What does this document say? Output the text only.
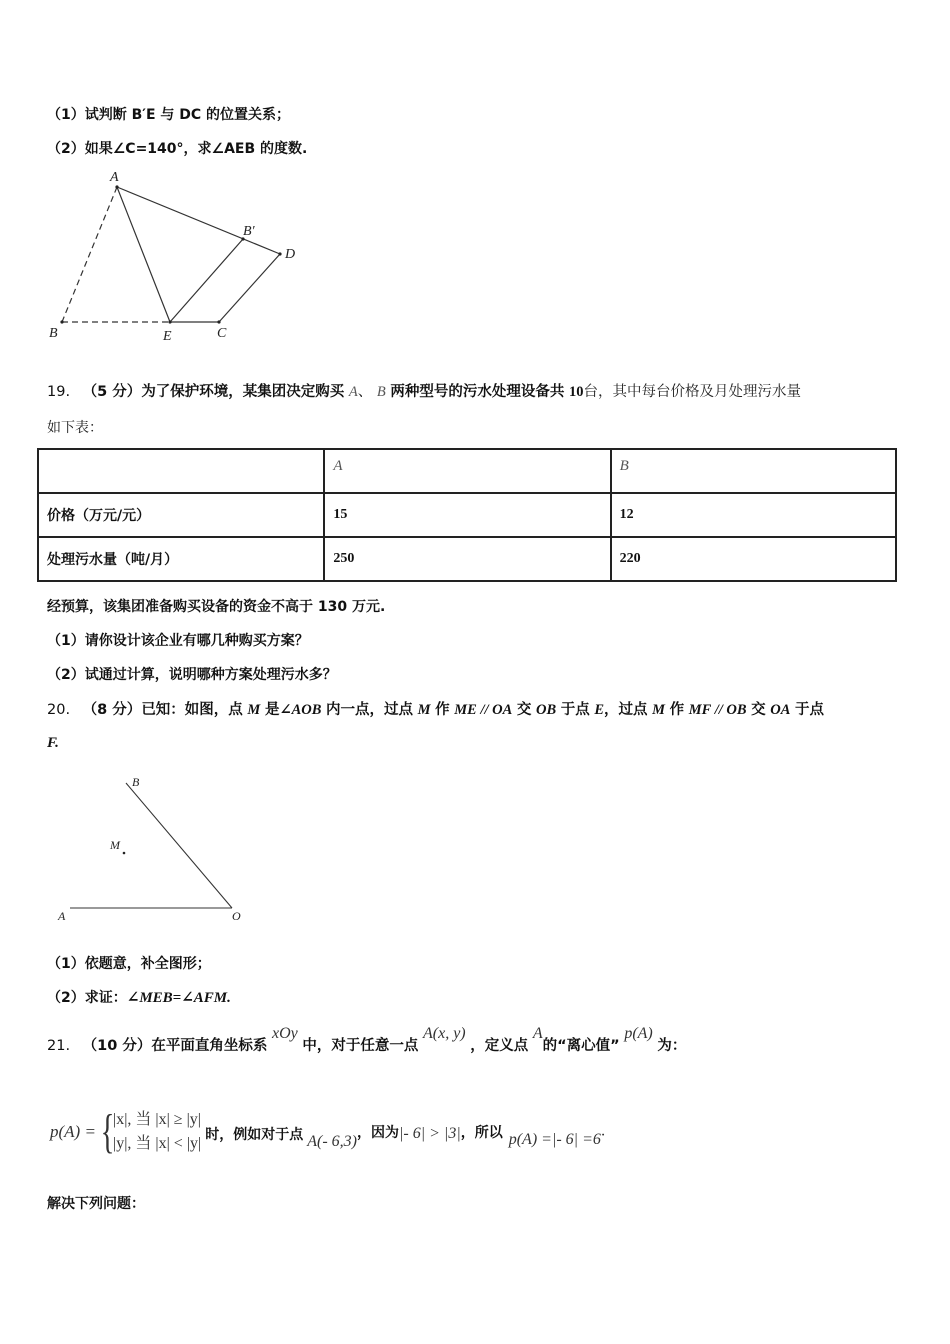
（1）试判断 B′E 与 DC 的位置关系；
（2）如果∠C=140°，求∠AEB 的度数.
A
B′
D
B	E	C
19. （5 分）为了保护环境，某集团决定购买 A、 B 两种型号的污水处理设备共 10台，其中每台价格及月处理污水量
如下表：
	A	B
价格（万元/元）	15	12
处理污水量（吨/月）	250	220
经预算，该集团准备购买设备的资金不高于 130 万元.
（1）请你设计该企业有哪几种购买方案？
（2）试通过计算，说明哪种方案处理污水多？
20. （8 分）已知：如图，点 M 是∠AOB 内一点，过点 M 作 ME // OA 交 OB 于点 E，过点 M 作 MF // OB 交 OA 于点
F.
B
M
A	O
（1）依题意，补全图形；
（2）求证：∠MEB=∠AFM.
21. （10 分）在平面直角坐标系 xOy 中，对于任意一点 A(x, y) ，定义点 A的“离心值” p(A) 为：
p(A) = {
|x|, 当 |x| ≥ |y|
|y|, 当 |x| < |y| 时，例如对于点 A(- 6,3) ，因为 |- 6| > |3| ，所以 p(A) =|- 6| =6 ·
解决下列问题：
